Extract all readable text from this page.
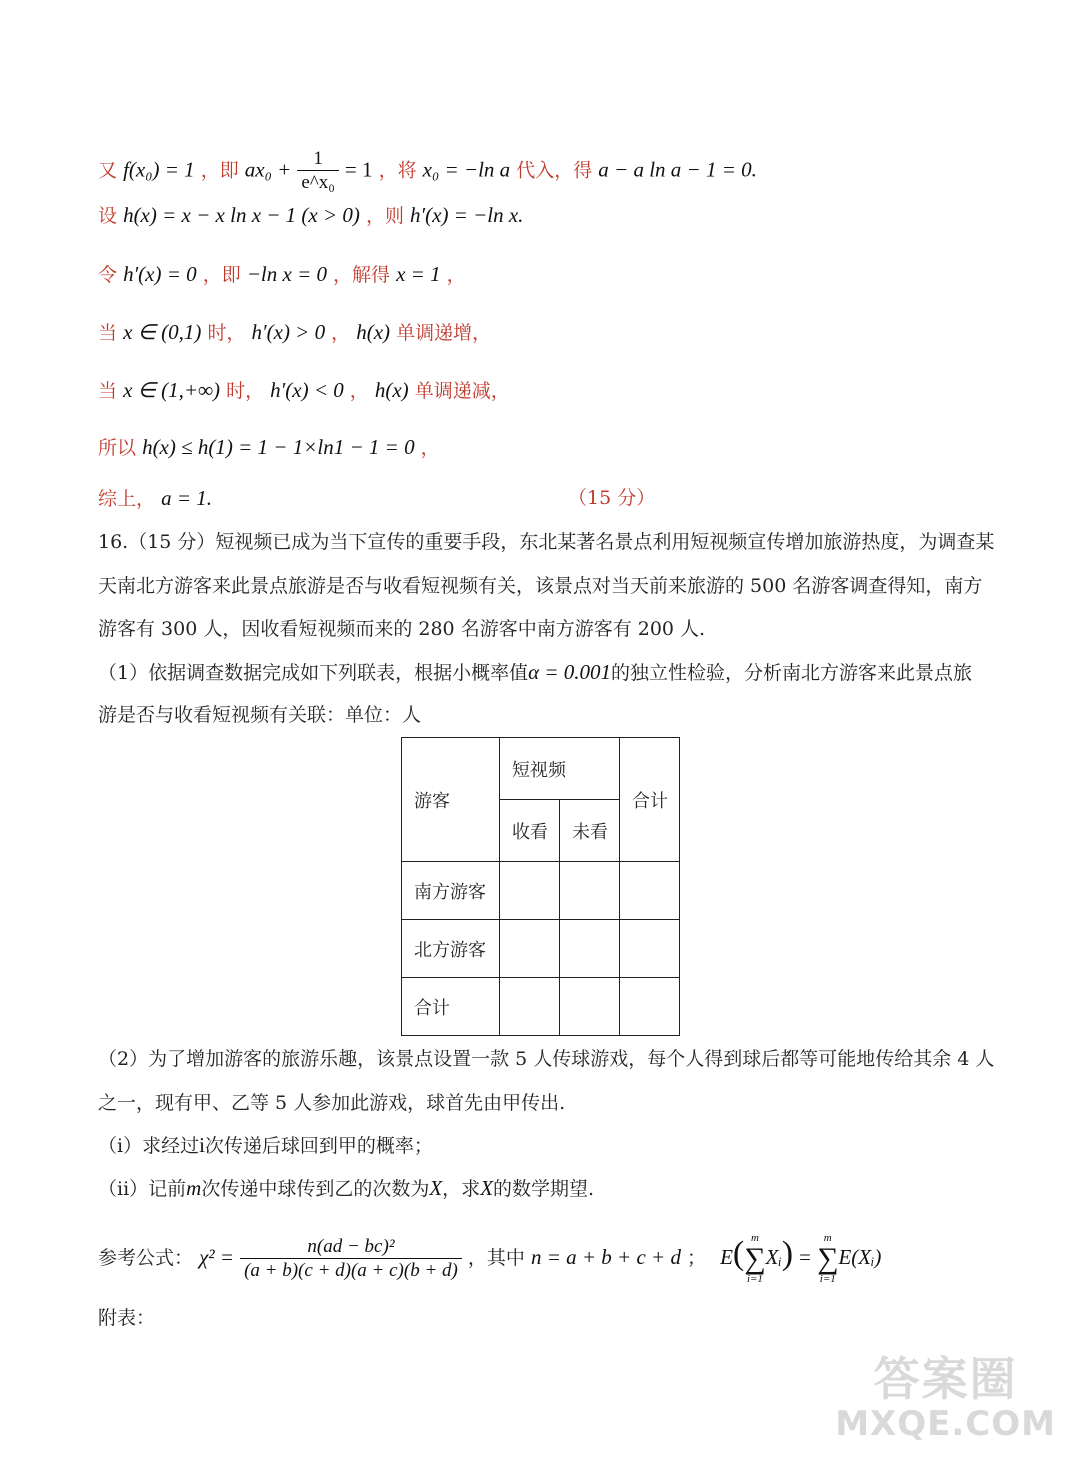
又 f(x₀) = 1 ，即 $ax_0 + \frac{1}{\text{e\textasciicircum{}x₀}} = 1$ ，将 x₀ = −ln a 代入，得 a − a ln a − 1 = 0.
设 h(x) = x − x ln x − 1 (x > 0) ，则 h′(x) = −ln x.
令 h′(x) = 0 ，即 −ln x = 0 ，解得 x = 1 ，
当 x ∈ (0,1) 时， h′(x) > 0 ， h(x) 单调递增，
当 x ∈ (1,+∞) 时， h′(x) < 0 ， h(x) 单调递减，
所以 h(x) ≤ h(1) = 1 − 1×ln1 − 1 = 0 ，
综上， a = 1.	（15 分）
16.（15 分）短视频已成为当下宣传的重要手段，东北某著名景点利用短视频宣传增加旅游热度，为调查某
天南北方游客来此景点旅游是否与收看短视频有关，该景点对当天前来旅游的 500 名游客调查得知，南方
游客有 300 人，因收看短视频而来的 280 名游客中南方游客有 200 人.
（1）依据调查数据完成如下列联表，根据小概率值α = 0.001的独立性检验，分析南北方游客来此景点旅
游是否与收看短视频有关联：单位：人
游客	短视频		合计
	收看	未看	
南方游客			
北方游客			
合计			
（2）为了增加游客的旅游乐趣，该景点设置一款 5 人传球游戏，每个人得到球后都等可能地传给其余 4 人
之一，现有甲、乙等 5 人参加此游戏，球首先由甲传出.
（i）求经过i次传递后球回到甲的概率；
（ii）记前m次传递中球传到乙的次数为X，求X的数学期望.
参考公式： $\chi^2 = \frac{\text{n(ad − bc)²}}{(a + b)(c + d)(a + c)(b + d)}$ ，其中 n = a + b + c + d ； E( m
∑
i=1
Xᵢ) =
m
∑
i=1
E(Xᵢ)
附表：
答案圈
MXQE.COM
